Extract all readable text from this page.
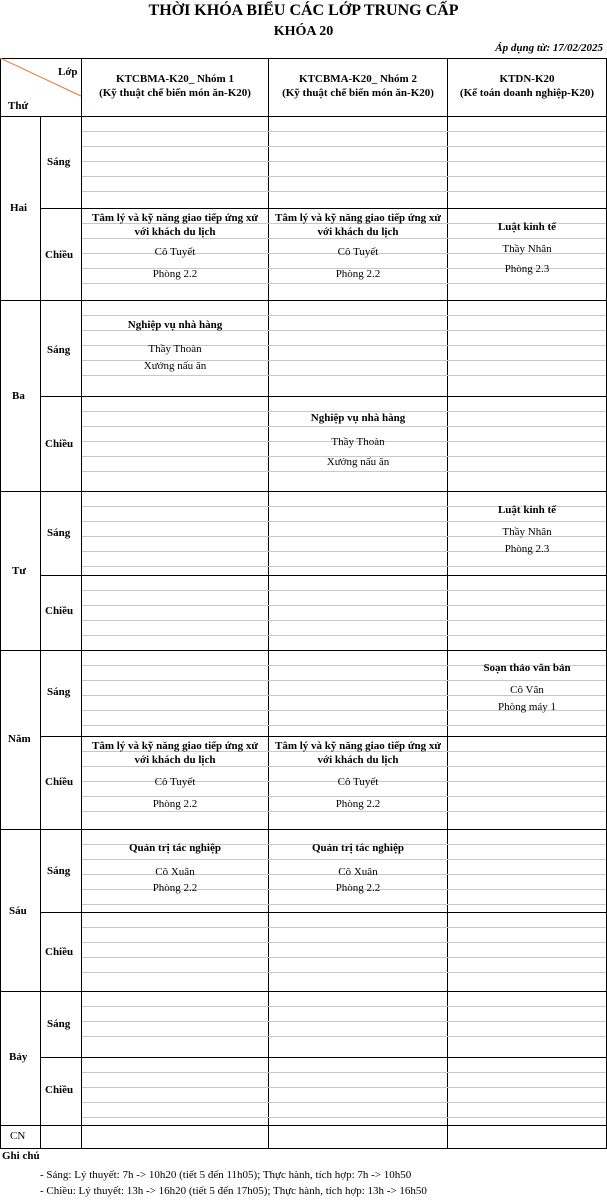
THỜI KHÓA BIỂU CÁC LỚP TRUNG CẤP
KHÓA 20
Áp dụng từ: 17/02/2025
Lớp
Thứ
KTCBMA-K20_ Nhóm 1
(Kỹ thuật chế biến món ăn-K20)
KTCBMA-K20_ Nhóm 2
(Kỹ thuật chế biến món ăn-K20)
KTDN-K20
(Kế toán doanh nghiệp-K20)
Hai
Ba
Tư
Năm
Sáu
Bảy
CN
Sáng
Chiều
Sáng
Chiều
Sáng
Chiều
Sáng
Chiều
Sáng
Chiều
Sáng
Chiều
Tâm lý và kỹ năng giao tiếp ứng xử với khách du lịch
Cô Tuyết
Phòng 2.2
Tâm lý và kỹ năng giao tiếp ứng xử với khách du lịch
Cô Tuyết
Phòng 2.2
Luật kinh tế
Thầy Nhân
Phòng 2.3
Nghiệp vụ nhà hàng
Thầy Thoàn
Xưởng nấu ăn
Nghiệp vụ nhà hàng
Thầy Thoàn
Xưởng nấu ăn
Luật kinh tế
Thầy Nhân
Phòng 2.3
Soạn thảo văn bản
Cô Vân
Phòng máy 1
Tâm lý và kỹ năng giao tiếp ứng xử với khách du lịch
Cô Tuyết
Phòng 2.2
Tâm lý và kỹ năng giao tiếp ứng xử với khách du lịch
Cô Tuyết
Phòng 2.2
Quản trị tác nghiệp
Cô Xuân
Phòng 2.2
Quản trị tác nghiệp
Cô Xuân
Phòng 2.2
Ghi chú
- Sáng: Lý thuyết: 7h -> 10h20 (tiết 5 đến 11h05); Thực hành, tích hợp: 7h -> 10h50
- Chiều: Lý thuyết: 13h -> 16h20 (tiết 5 đến 17h05); Thực hành, tích hợp: 13h -> 16h50
